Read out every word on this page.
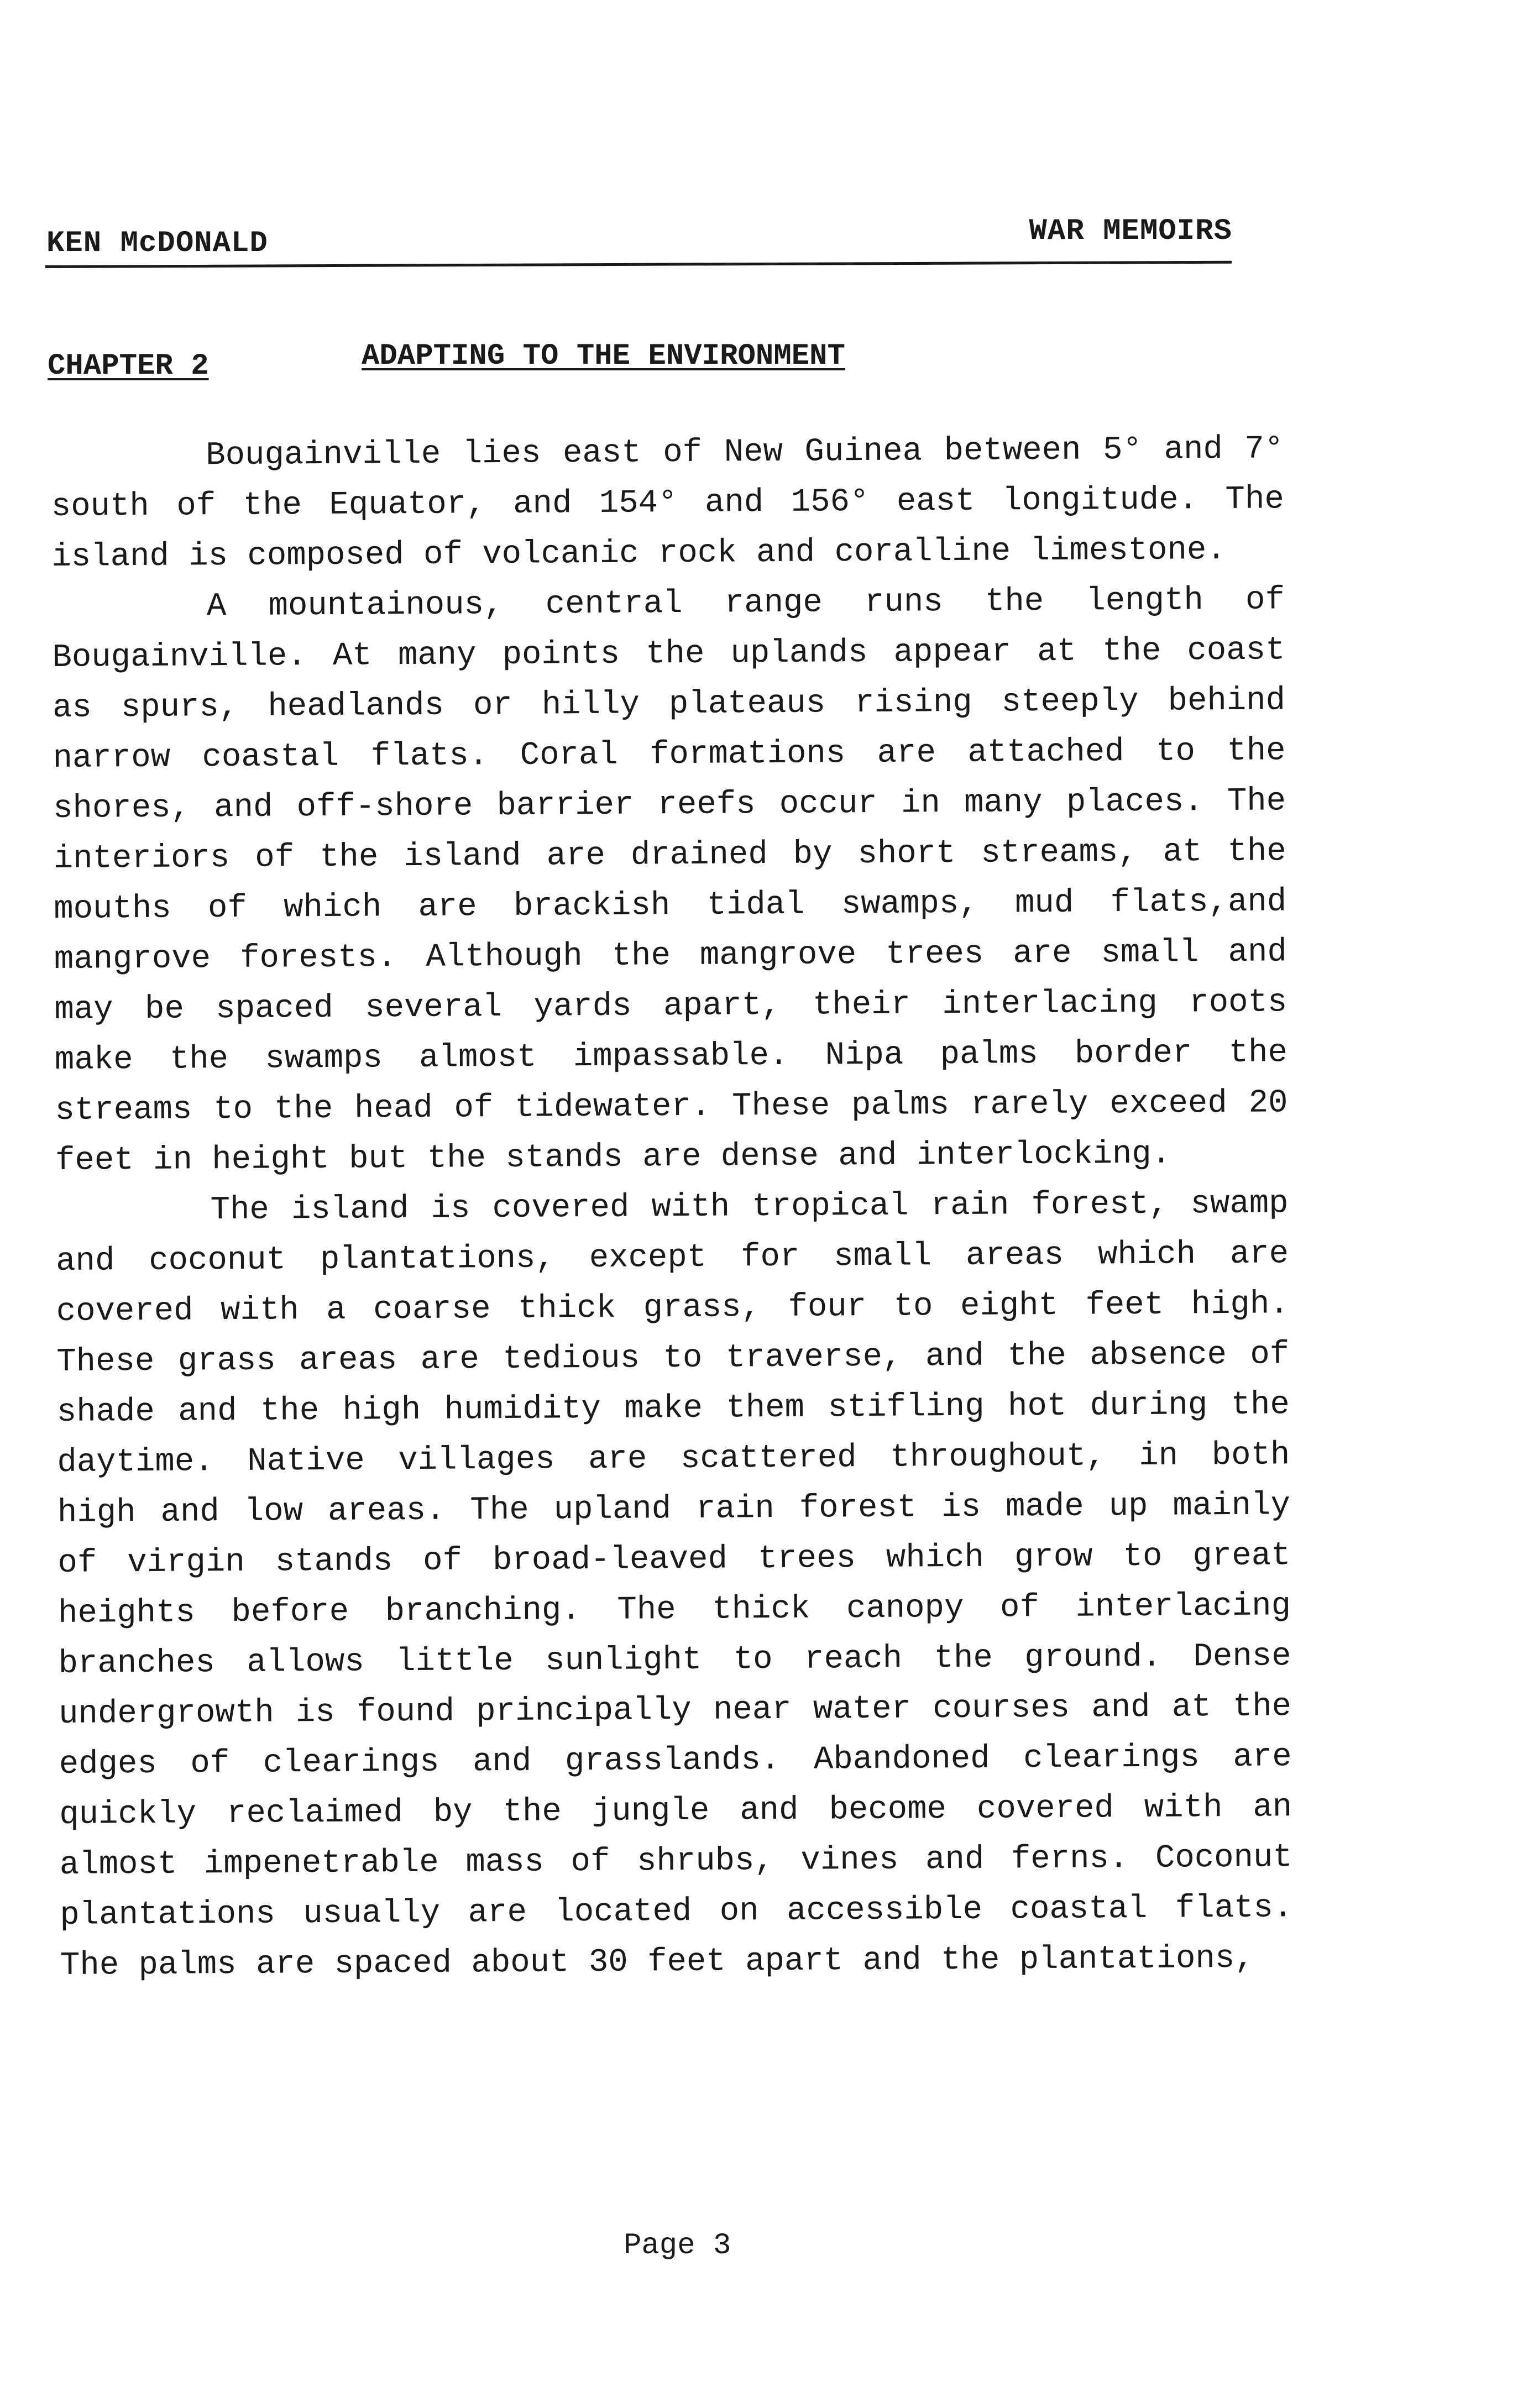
KEN McDONALD	WAR MEMOIRS
CHAPTER 2	ADAPTING TO THE ENVIRONMENT

Bougainville lies east of New Guinea between 5° and 7° south of the Equator, and 154° and 156° east longitude. The island is composed of volcanic rock and coralline limestone.

A mountainous, central range runs the length of Bougainville. At many points the uplands appear at the coast as spurs, headlands or hilly plateaus rising steeply behind narrow coastal flats. Coral formations are attached to the shores, and off-shore barrier reefs occur in many places. The interiors of the island are drained by short streams, at the mouths of which are brackish tidal swamps, mud flats,and mangrove forests. Although the mangrove trees are small and may be spaced several yards apart, their interlacing roots make the swamps almost impassable. Nipa palms border the streams to the head of tidewater. These palms rarely exceed 20 feet in height but the stands are dense and interlocking.

The island is covered with tropical rain forest, swamp and coconut plantations, except for small areas which are covered with a coarse thick grass, four to eight feet high. These grass areas are tedious to traverse, and the absence of shade and the high humidity make them stifling hot during the daytime. Native villages are scattered throughout, in both high and low areas. The upland rain forest is made up mainly of virgin stands of broad-leaved trees which grow to great heights before branching. The thick canopy of interlacing branches allows little sunlight to reach the ground. Dense undergrowth is found principally near water courses and at the edges of clearings and grasslands. Abandoned clearings are quickly reclaimed by the jungle and become covered with an almost impenetrable mass of shrubs, vines and ferns. Coconut plantations usually are located on accessible coastal flats. The palms are spaced about 30 feet apart and the plantations,

Page 3
